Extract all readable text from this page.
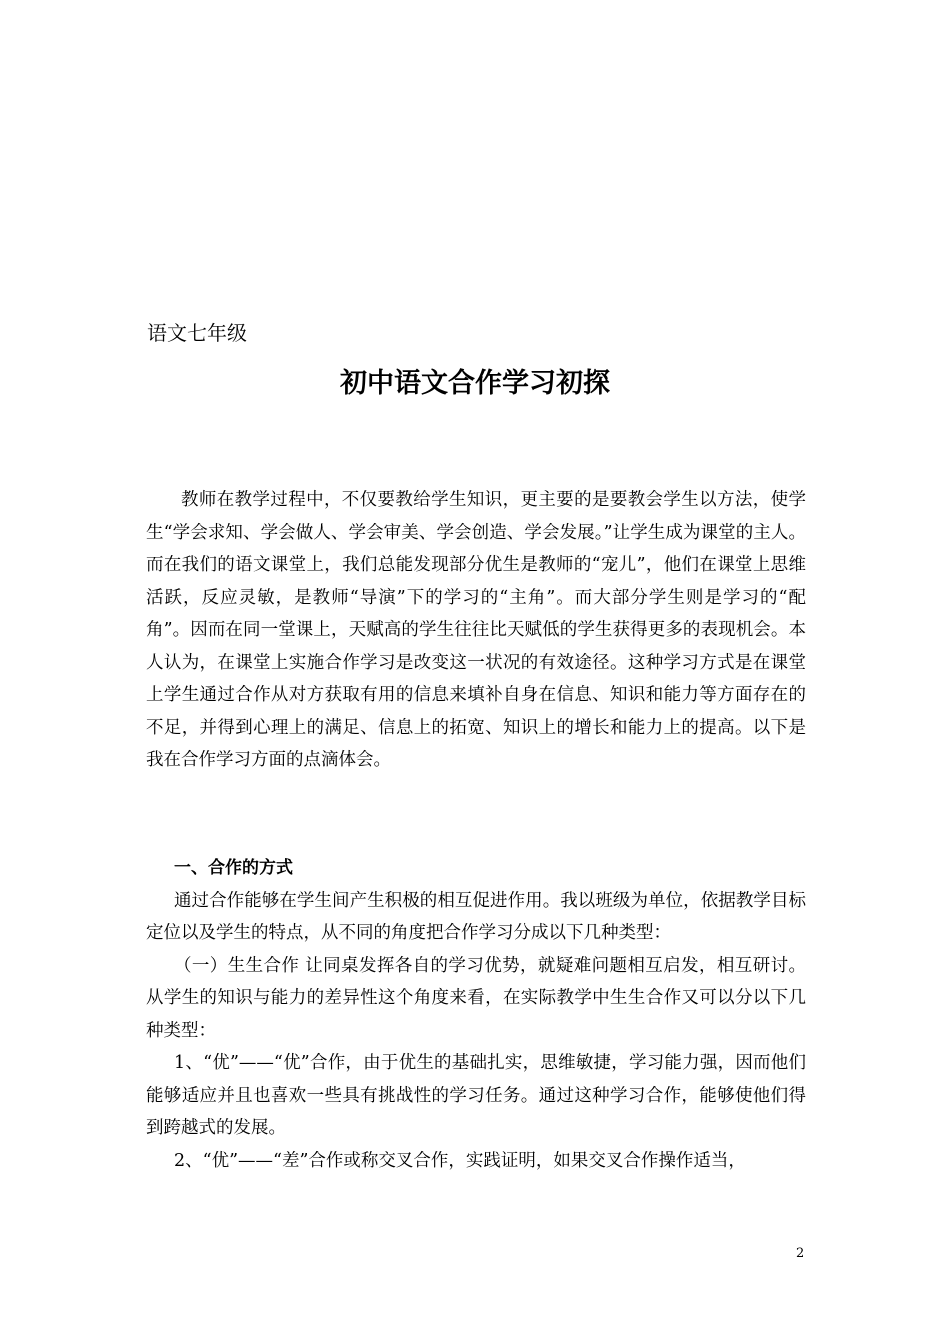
语文七年级

初中语文合作学习初探

教师在教学过程中，不仅要教给学生知识，更主要的是要教会学生以方法，使学生“学会求知、学会做人、学会审美、学会创造、学会发展。”让学生成为课堂的主人。而在我们的语文课堂上，我们总能发现部分优生是教师的“宠儿”，他们在课堂上思维活跃，反应灵敏，是教师“导演”下的学习的“主角”。而大部分学生则是学习的“配角”。因而在同一堂课上，天赋高的学生往往比天赋低的学生获得更多的表现机会。本人认为，在课堂上实施合作学习是改变这一状况的有效途径。这种学习方式是在课堂上学生通过合作从对方获取有用的信息来填补自身在信息、知识和能力等方面存在的不足，并得到心理上的满足、信息上的拓宽、知识上的增长和能力上的提高。以下是我在合作学习方面的点滴体会。

一、合作的方式

通过合作能够在学生间产生积极的相互促进作用。我以班级为单位，依据教学目标定位以及学生的特点，从不同的角度把合作学习分成以下几种类型：

（一）生生合作 让同桌发挥各自的学习优势，就疑难问题相互启发，相互研讨。从学生的知识与能力的差异性这个角度来看，在实际教学中生生合作又可以分以下几种类型：

1、“优”——“优”合作，由于优生的基础扎实，思维敏捷，学习能力强，因而他们能够适应并且也喜欢一些具有挑战性的学习任务。通过这种学习合作，能够使他们得到跨越式的发展。

2、“优”——“差”合作或称交叉合作，实践证明，如果交叉合作操作适当，

2
